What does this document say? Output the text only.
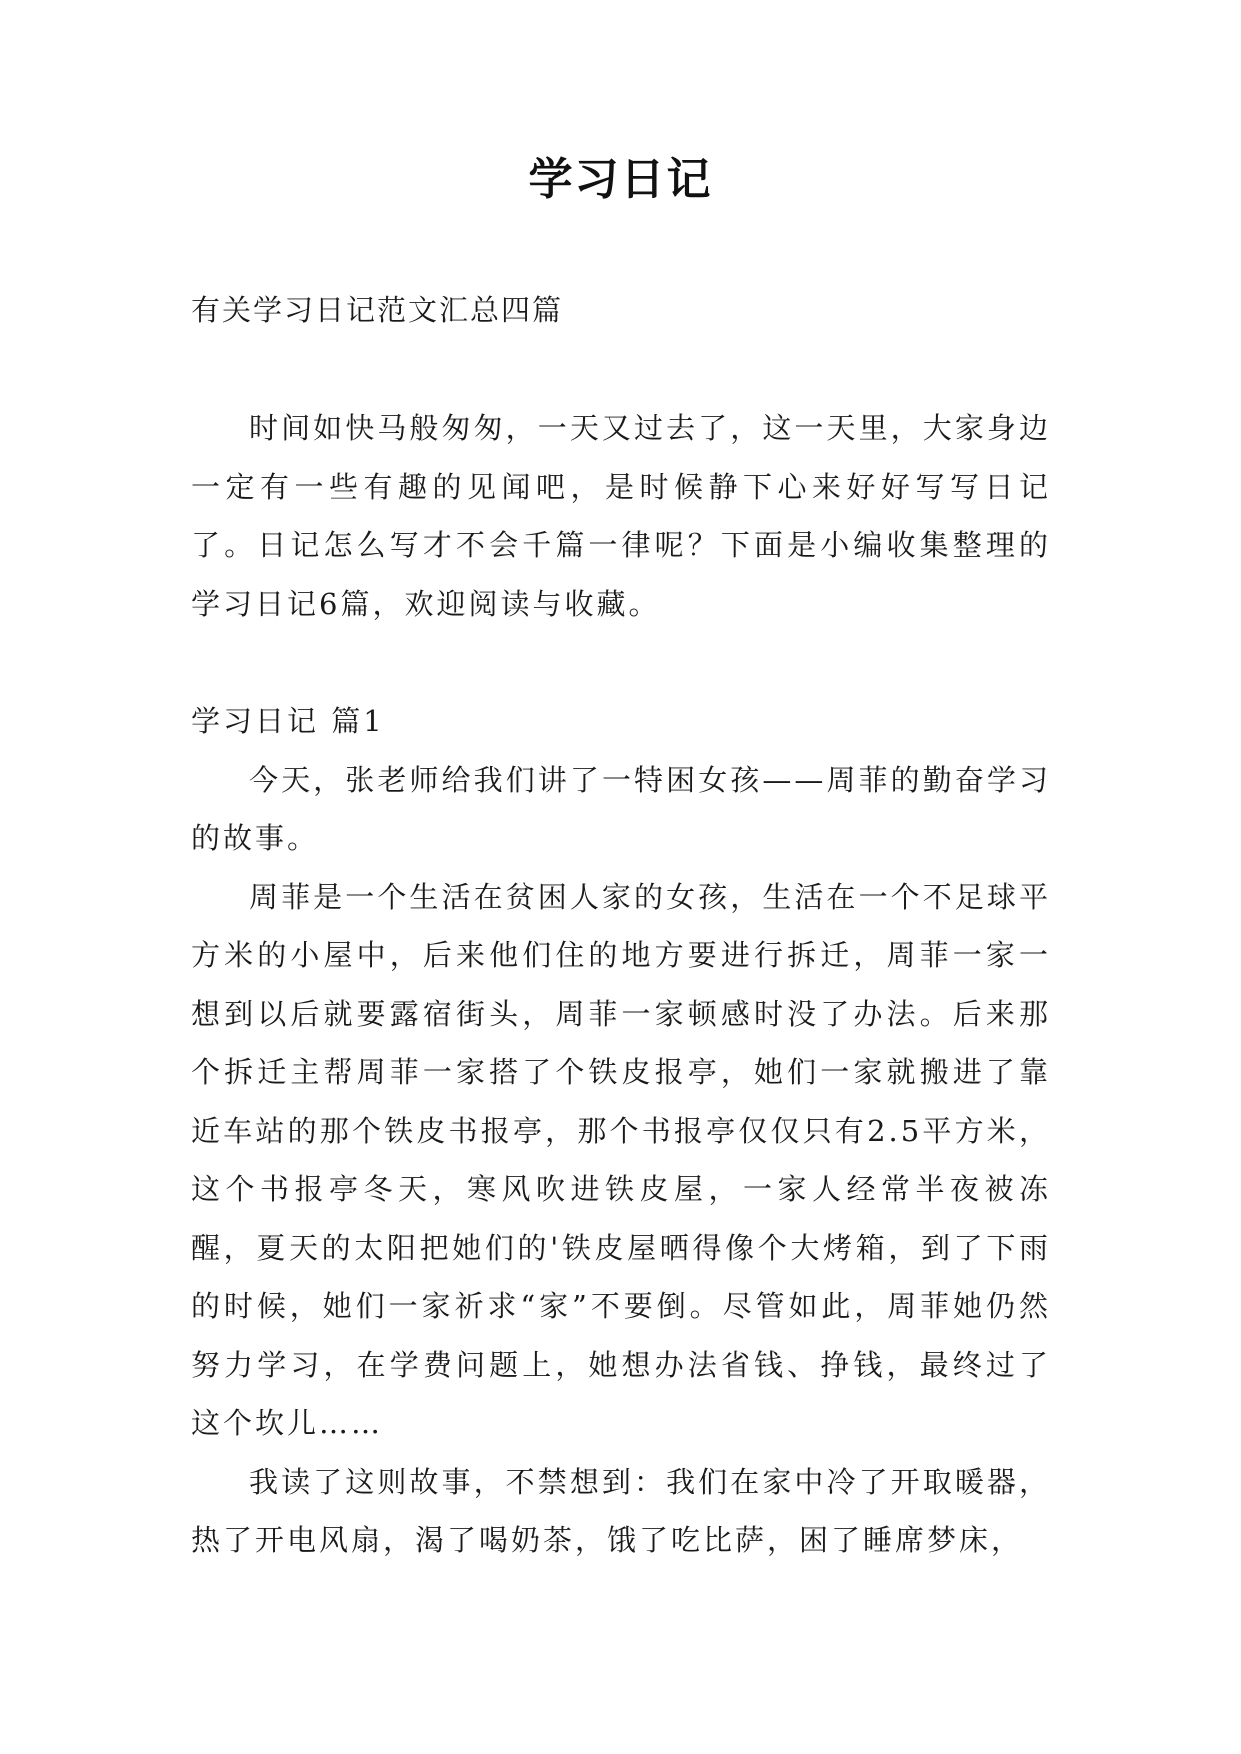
学习日记
有关学习日记范文汇总四篇

时间如快马般匆匆，一天又过去了，这一天里，大家身边一定有一些有趣的见闻吧，是时候静下心来好好写写日记了。日记怎么写才不会千篇一律呢？下面是小编收集整理的学习日记6篇，欢迎阅读与收藏。

学习日记 篇1

今天，张老师给我们讲了一特困女孩——周菲的勤奋学习的故事。

周菲是一个生活在贫困人家的女孩，生活在一个不足球平方米的小屋中，后来他们住的地方要进行拆迁，周菲一家一想到以后就要露宿街头，周菲一家顿感时没了办法。后来那个拆迁主帮周菲一家搭了个铁皮报亭，她们一家就搬进了靠近车站的那个铁皮书报亭，那个书报亭仅仅只有2.5平方米，这个书报亭冬天，寒风吹进铁皮屋，一家人经常半夜被冻醒，夏天的太阳把她们的'铁皮屋晒得像个大烤箱，到了下雨的时候，她们一家祈求“家”不要倒。尽管如此，周菲她仍然努力学习，在学费问题上，她想办法省钱、挣钱，最终过了这个坎儿……

我读了这则故事，不禁想到：我们在家中冷了开取暖器，热了开电风扇，渴了喝奶茶，饿了吃比萨，困了睡席梦床，
